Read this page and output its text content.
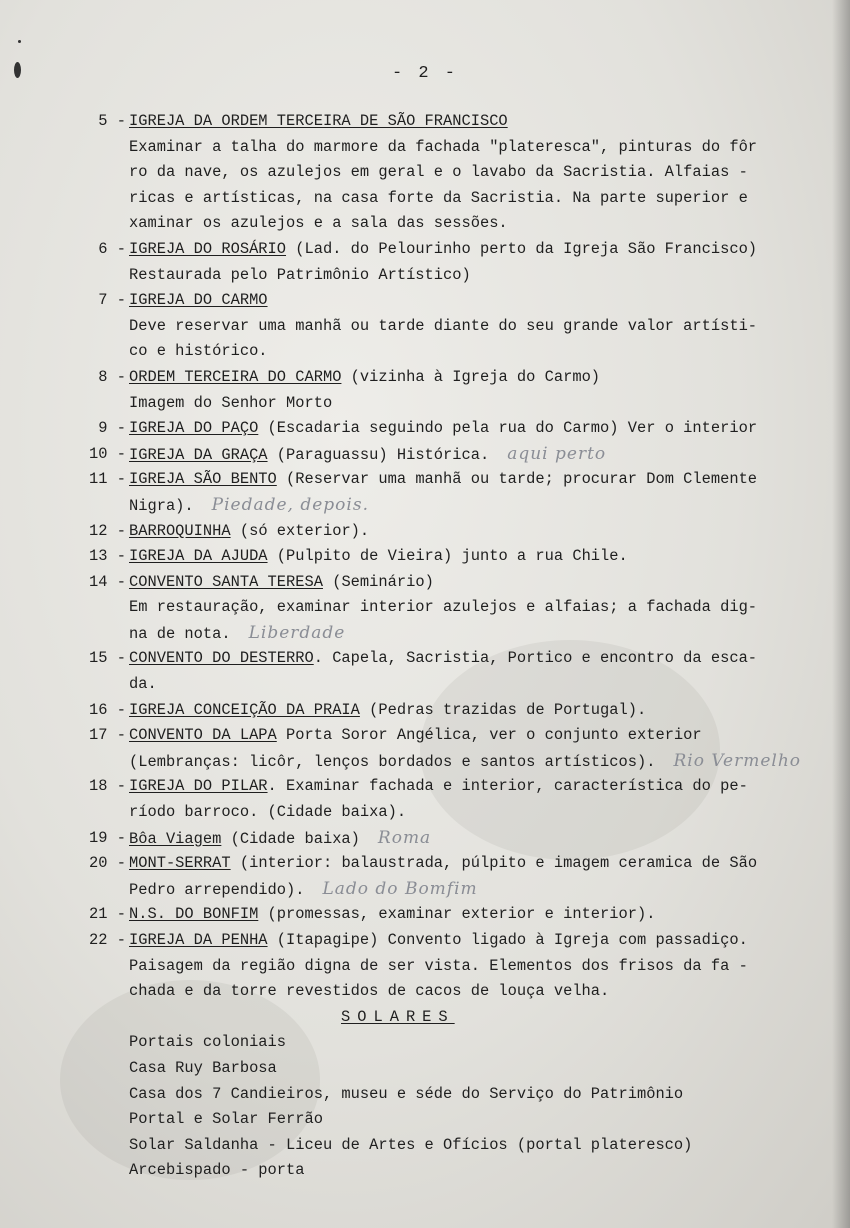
- 2 -
5 - IGREJA DA ORDEM TERCEIRA DE SÃO FRANCISCO
Examinar a talha do marmore da fachada "plateresca", pinturas do fôr
ro da nave, os azulejos em geral e o lavabo da Sacristia. Alfaias -
ricas e artísticas, na casa forte da Sacristia. Na parte superior e
xaminar os azulejos e a sala das sessões.
6 - IGREJA DO ROSÁRIO (Lad. do Pelourinho perto da Igreja São Francisco)
Restaurada pelo Patrimônio Artístico)
7 - IGREJA DO CARMO
Deve reservar uma manhã ou tarde diante do seu grande valor artísti-
co e histórico.
8 - ORDEM TERCEIRA DO CARMO (vizinha à Igreja do Carmo)
Imagem do Senhor Morto
9 - IGREJA DO PAÇO (Escadaria seguindo pela rua do Carmo) Ver o interior
10 - IGREJA DA GRAÇA (Paraguassu) Histórica. aqui perto
11 - IGREJA SÃO BENTO (Reservar uma manhã ou tarde; procurar Dom Clemente
Nigra). Piedade, depois.
12 - BARROQUINHA (só exterior).
13 - IGREJA DA AJUDA (Pulpito de Vieira) junto a rua Chile.
14 - CONVENTO SANTA TERESA (Seminário)
Em restauração, examinar interior azulejos e alfaias; a fachada dig-
na de nota. Liberdade
15 - CONVENTO DO DESTERRO. Capela, Sacristia, Portico e encontro da esca-
da.
16 - IGREJA CONCEIÇÃO DA PRAIA (Pedras trazidas de Portugal).
17 - CONVENTO DA LAPA Porta Soror Angélica, ver o conjunto exterior
(Lembranças: licôr, lenços bordados e santos artísticos). Rio Vermelho
18 - IGREJA DO PILAR. Examinar fachada e interior, característica do pe-
ríodo barroco. (Cidade baixa).
19 - Bôa Viagem (Cidade baixa) Roma
20 - MONT-SERRAT (interior: balaustrada, púlpito e imagem ceramica de São
Pedro arrependido). Lado do Bomfim
21 - N.S. DO BONFIM (promessas, examinar exterior e interior).
22 - IGREJA DA PENHA (Itapagipe) Convento ligado à Igreja com passadiço.
Paisagem da região digna de ser vista. Elementos dos frisos da fa -
chada e da torre revestidos de cacos de louça velha.
SOLARES
Portais coloniais
Casa Ruy Barbosa
Casa dos 7 Candieiros, museu e séde do Serviço do Patrimônio
Portal e Solar Ferrão
Solar Saldanha - Liceu de Artes e Ofícios (portal plateresco)
Arcebispado - porta
